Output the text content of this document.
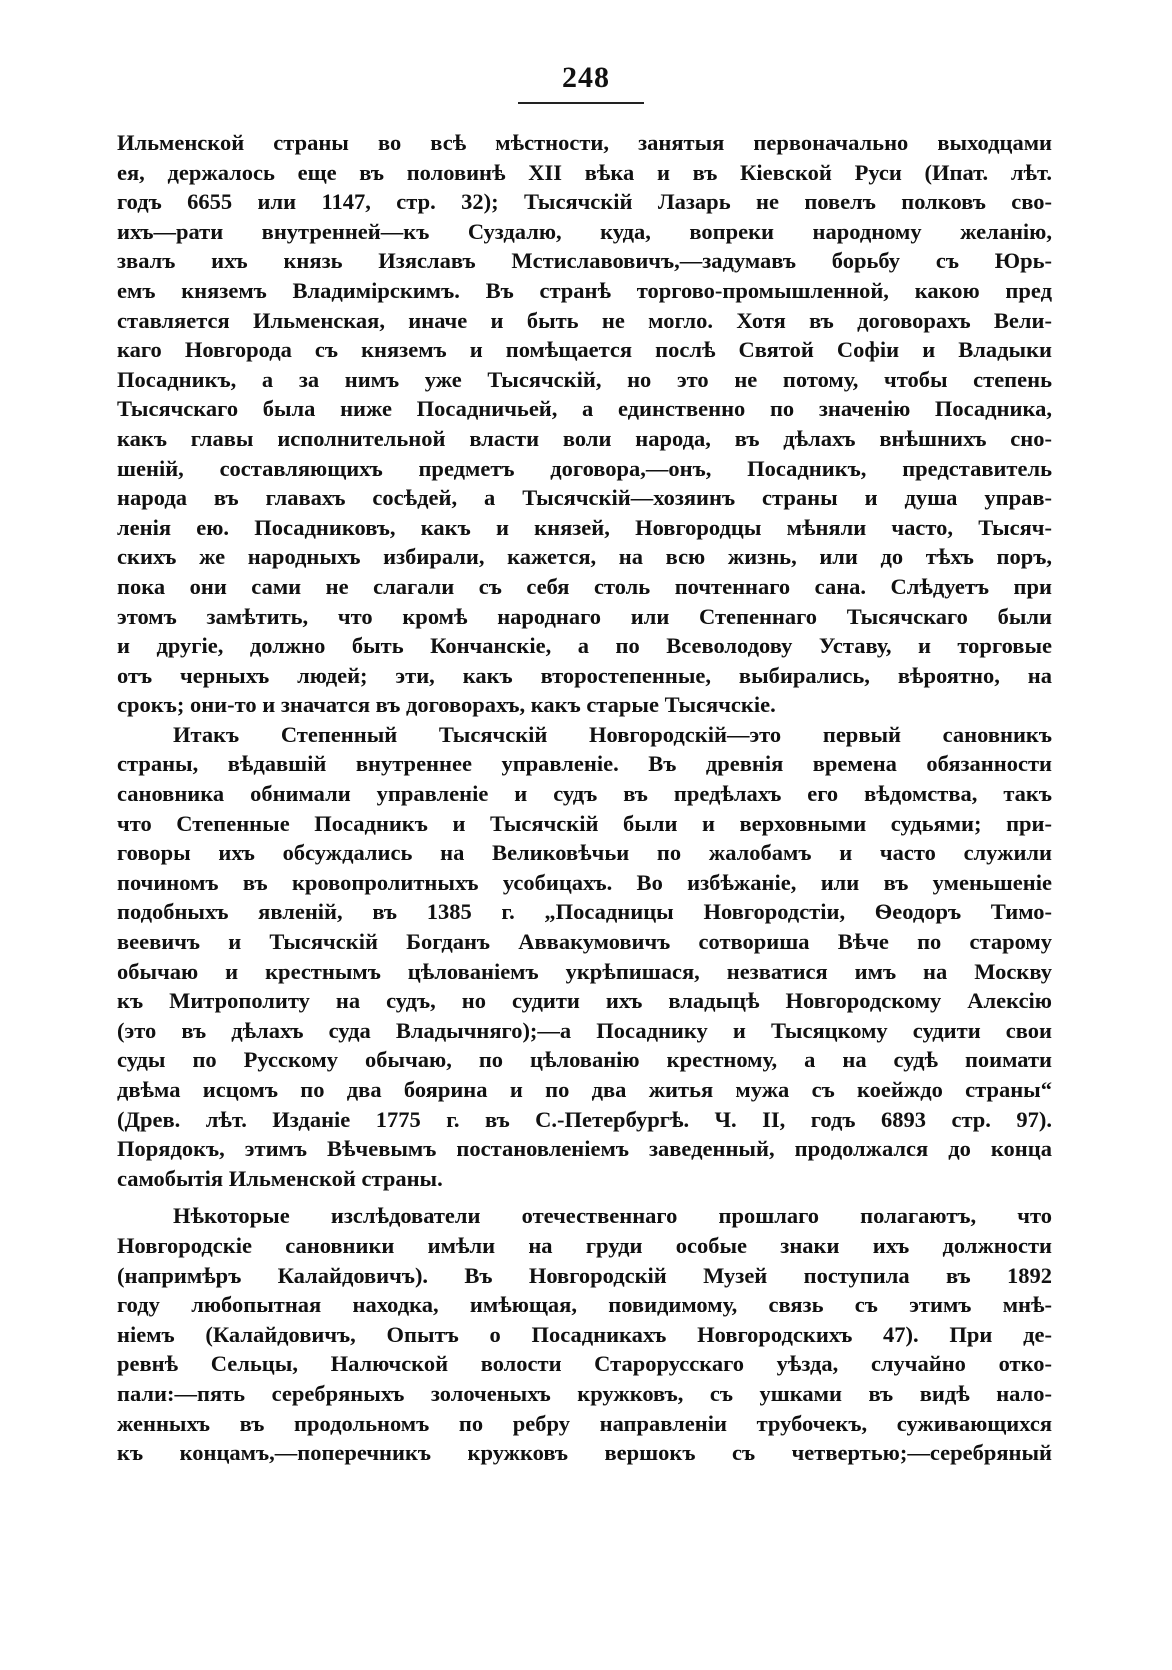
248
Ильменской страны во всѣ мѣстности, занятыя первоначально выходцами
ея, держалось еще въ половинѣ XII вѣка и въ Кіевской Руси (Ипат. лѣт.
годъ 6655 или 1147, стр. 32); Тысячскій Лазарь не повелъ полковъ сво-
ихъ—рати внутренней—къ Суздалю, куда, вопреки народному желанію,
звалъ ихъ князь Изяславъ Мстиславовичъ,—задумавъ борьбу съ Юрь-
емъ княземъ Владимірскимъ. Въ странѣ торгово-промышленной, какою пред
ставляется Ильменская, иначе и быть не могло. Хотя въ договорахъ Вели-
каго Новгорода съ княземъ и помѣщается послѣ Святой Софіи и Владыки
Посадникъ, а за нимъ уже Тысячскій, но это не потому, чтобы степень
Тысячскаго была ниже Посадничьей, а единственно по значенію Посадника,
какъ главы исполнительной власти воли народа, въ дѣлахъ внѣшнихъ сно-
шеній, составляющихъ предметъ договора,—онъ, Посадникъ, представитель
народа въ главахъ сосѣдей, а Тысячскій—хозяинъ страны и душа управ-
ленія ею. Посадниковъ, какъ и князей, Новгородцы мѣняли часто, Тысяч-
скихъ же народныхъ избирали, кажется, на всю жизнь, или до тѣхъ поръ,
пока они сами не слагали съ себя столь почтеннаго сана. Слѣдуетъ при
этомъ замѣтить, что кромѣ народнаго или Степеннаго Тысячскаго были
и другіе, должно быть Кончанскіе, а по Всеволодову Уставу, и торговые
отъ черныхъ людей; эти, какъ второстепенные, выбирались, вѣроятно, на
срокъ; они-то и значатся въ договорахъ, какъ старые Тысячскіе.
Итакъ Степенный Тысячскій Новгородскій—это первый сановникъ
страны, вѣдавшій внутреннее управленіе. Въ древнія времена обязанности
сановника обнимали управленіе и судъ въ предѣлахъ его вѣдомства, такъ
что Степенные Посадникъ и Тысячскій были и верховными судьями; при-
говоры ихъ обсуждались на Великовѣчьи по жалобамъ и часто служили
починомъ въ кровопролитныхъ усобицахъ. Во избѣжаніе, или въ уменьшеніе
подобныхъ явленій, въ 1385 г. „Посадницы Новгородстіи, Ѳеодоръ Тимо-
веевичъ и Тысячскій Богданъ Аввакумовичъ сотвориша Вѣче по старому
обычаю и крестнымъ цѣлованіемъ укрѣпишася, незватися имъ на Москву
къ Митрополиту на судъ, но судити ихъ владыцѣ Новгородскому Алексію
(это въ дѣлахъ суда Владычняго);—а Посаднику и Тысяцкому судити свои
суды по Русскому обычаю, по цѣлованію крестному, а на судѣ поимати
двѣма исцомъ по два боярина и по два житья мужа съ коейждо страны“
(Древ. лѣт. Изданіе 1775 г. въ С.-Петербургѣ. Ч. II, годъ 6893 стр. 97).
Порядокъ, этимъ Вѣчевымъ постановленіемъ заведенный, продолжался до конца
самобытія Ильменской страны.
Нѣкоторые изслѣдователи отечественнаго прошлаго полагаютъ, что
Новгородскіе сановники имѣли на груди особые знаки ихъ должности
(напримѣръ Калайдовичъ). Въ Новгородскій Музей поступила въ 1892
году любопытная находка, имѣющая, повидимому, связь съ этимъ мнѣ-
ніемъ (Калайдовичъ, Опытъ о Посадникахъ Новгородскихъ 47). При де-
ревнѣ Сельцы, Налючской волости Старорусскаго уѣзда, случайно отко-
пали:—пять серебряныхъ золоченыхъ кружковъ, съ ушками въ видѣ нало-
женныхъ въ продольномъ по ребру направленіи трубочекъ, суживающихся
къ концамъ,—поперечникъ кружковъ вершокъ съ четвертью;—серебряный
